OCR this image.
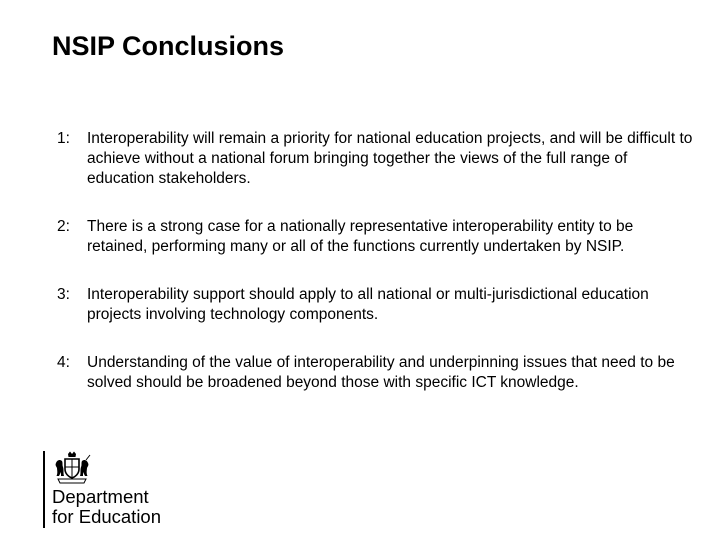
NSIP Conclusions
1:	Interoperability will remain a priority for national education projects, and will be difficult to achieve without a national forum bringing together the views of the full range of education stakeholders.
2:	There is a strong case for a nationally representative interoperability entity to be retained, performing many or all of the functions currently undertaken by NSIP.
3:	Interoperability support should apply to all national or multi-jurisdictional education projects involving technology components.
4:	Understanding of the value of interoperability and underpinning issues that need to be solved should be broadened beyond those with specific ICT knowledge.
Department
for Education
